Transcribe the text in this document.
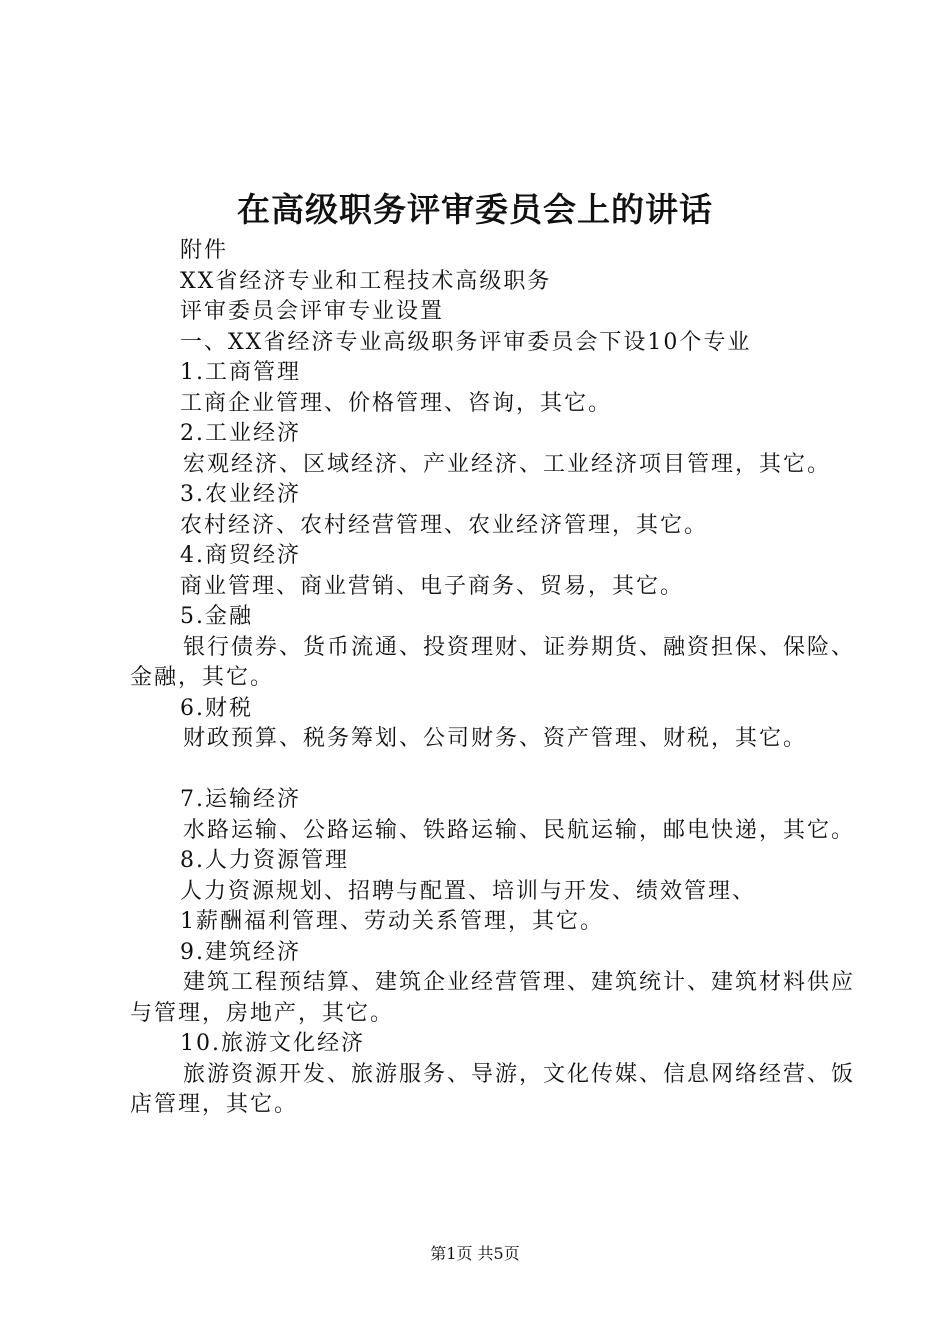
在高级职务评审委员会上的讲话
附件
XX省经济专业和工程技术高级职务
评审委员会评审专业设置
一、XX省经济专业高级职务评审委员会下设10个专业
1.工商管理
工商企业管理、价格管理、咨询，其它。
2.工业经济
宏观经济、区域经济、产业经济、工业经济项目管理，其它。
3.农业经济
农村经济、农村经营管理、农业经济管理，其它。
4.商贸经济
商业管理、商业营销、电子商务、贸易，其它。
5.金融
银行债券、货币流通、投资理财、证券期货、融资担保、保险、金融，其它。
6.财税
财政预算、税务筹划、公司财务、资产管理、财税，其它。
7.运输经济
水路运输、公路运输、铁路运输、民航运输，邮电快递，其它。
8.人力资源管理
人力资源规划、招聘与配置、培训与开发、绩效管理、
1薪酬福利管理、劳动关系管理，其它。
9.建筑经济
建筑工程预结算、建筑企业经营管理、建筑统计、建筑材料供应与管理，房地产，其它。
10.旅游文化经济
旅游资源开发、旅游服务、导游，文化传媒、信息网络经营、饭店管理，其它。
第1页 共5页
